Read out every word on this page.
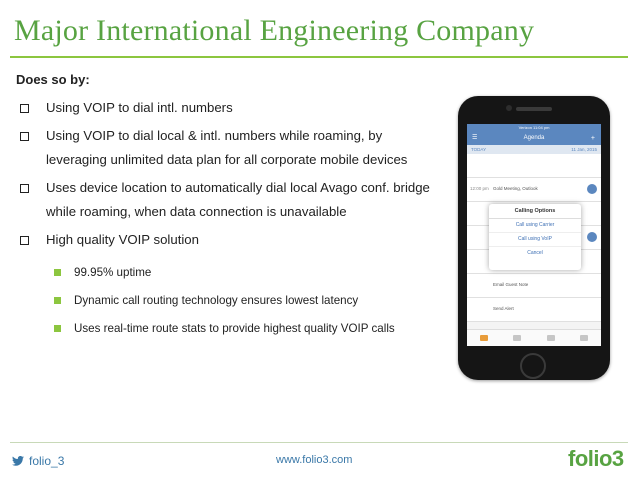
Major International Engineering Company
Does so by:
Using VOIP to dial intl. numbers
Using VOIP to dial local & intl. numbers while roaming, by leveraging unlimited data plan for all corporate mobile devices
Uses device location to automatically dial local Avago conf. bridge while roaming, when data connection is unavailable
High quality VOIP solution
99.95% uptime
Dynamic call routing technology ensures lowest latency
Uses real-time route stats to provide highest quality VOIP calls
Verizon 11:04 pm
☰	Agenda	+
TODAY	11 Jan, 2015
12:00 pm Gold Meeting, Outlook
Email Guest Note
Send Alert
Calling Options
Call using Carrier
Call using VoIP
Cancel
folio_3	www.folio3.com	folio3
